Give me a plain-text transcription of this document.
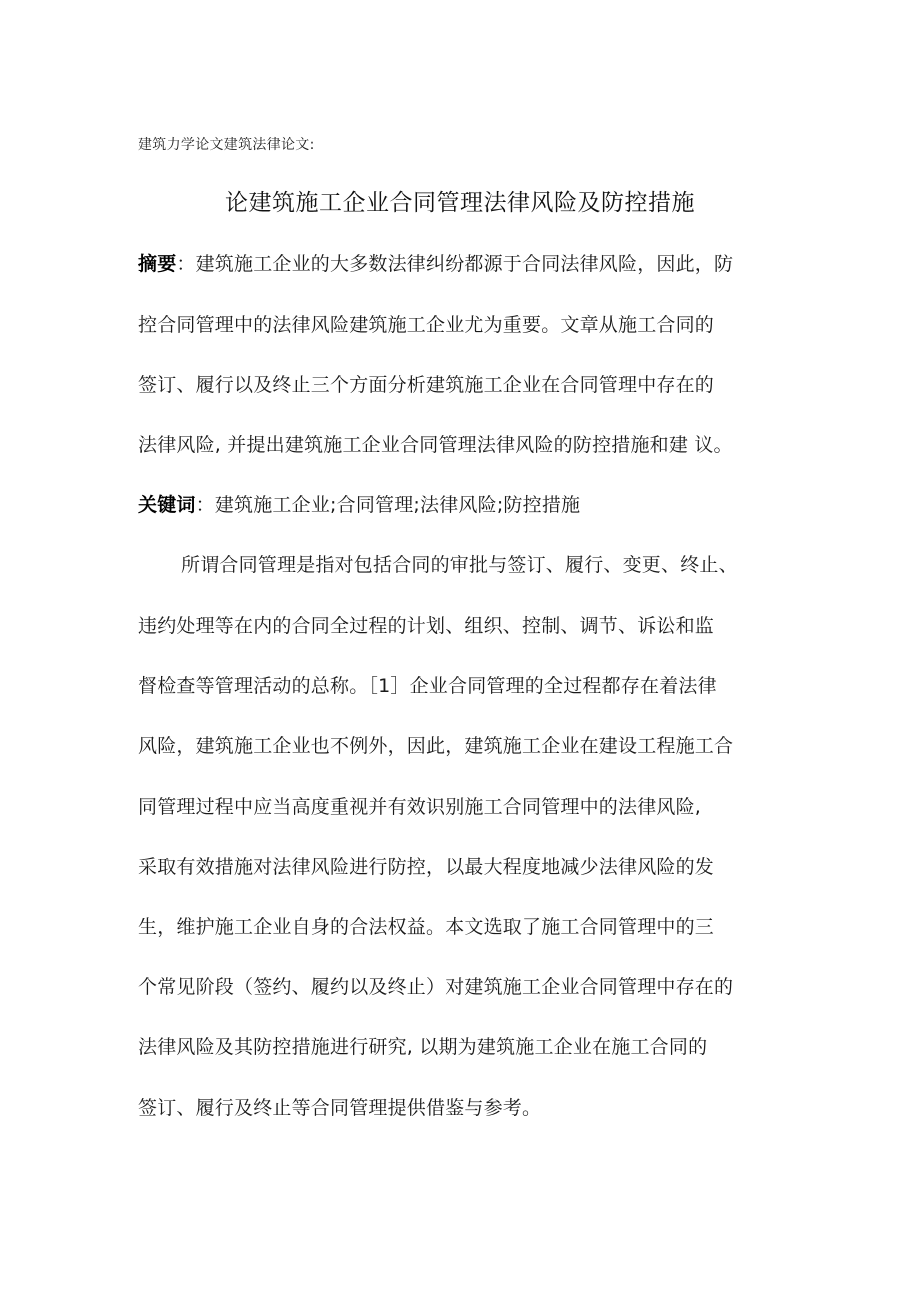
建筑力学论文建筑法律论文:
论建筑施工企业合同管理法律风险及防控措施
摘要：建筑施工企业的大多数法律纠纷都源于合同法律风险，因此，防
控合同管理中的法律风险建筑施工企业尤为重要。文章从施工合同的
签订、履行以及终止三个方面分析建筑施工企业在合同管理中存在的
法律风险, 并提出建筑施工企业合同管理法律风险的防控措施和建 议。
关键词：建筑施工企业;合同管理;法律风险;防控措施
所谓合同管理是指对包括合同的审批与签订、履行、变更、终止、
违约处理等在内的合同全过程的计划、组织、控制、调节、诉讼和监
督检查等管理活动的总称。［1］企业合同管理的全过程都存在着法律
风险，建筑施工企业也不例外，因此，建筑施工企业在建设工程施工合
同管理过程中应当高度重视并有效识别施工合同管理中的法律风险,
采取有效措施对法律风险进行防控，以最大程度地减少法律风险的发
生，维护施工企业自身的合法权益。本文选取了施工合同管理中的三
个常见阶段（签约、履约以及终止）对建筑施工企业合同管理中存在的
法律风险及其防控措施进行研究, 以期为建筑施工企业在施工合同的
签订、履行及终止等合同管理提供借鉴与参考。
